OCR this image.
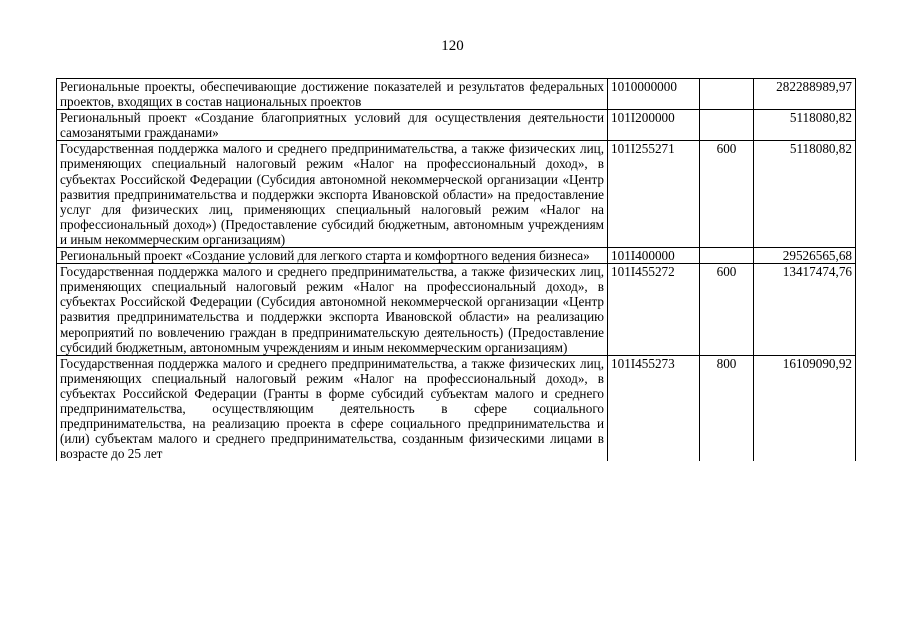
120
Региональные проекты, обеспечивающие достижение показателей и результатов федеральных проектов, входящих в состав национальных проектов	1010000000		282288989,97
Региональный проект «Создание благоприятных условий для осуществления деятельности самозанятыми гражданами»	101I200000		5118080,82
Государственная поддержка малого и среднего предпринимательства, а также физических лиц, применяющих специальный налоговый режим «Налог на профессиональный доход», в субъектах Российской Федерации (Субсидия автономной некоммерческой организации «Центр развития предпринимательства и поддержки экспорта Ивановской области» на предоставление услуг для физических лиц, применяющих специальный налоговый режим «Налог на профессиональный доход») (Предоставление субсидий бюджетным, автономным учреждениям и иным некоммерческим организациям)	101I255271	600	5118080,82
Региональный проект «Создание условий для легкого старта и комфортного ведения бизнеса»	101I400000		29526565,68
Государственная поддержка малого и среднего предпринимательства, а также физических лиц, применяющих специальный налоговый режим «Налог на профессиональный доход», в субъектах Российской Федерации (Субсидия автономной некоммерческой организации «Центр развития предпринимательства и поддержки экспорта Ивановской области» на реализацию мероприятий по вовлечению граждан в предпринимательскую деятельность) (Предоставление субсидий бюджетным, автономным учреждениям и иным некоммерческим организациям)	101I455272	600	13417474,76
Государственная поддержка малого и среднего предпринимательства, а также физических лиц, применяющих специальный налоговый режим «Налог на профессиональный доход», в субъектах Российской Федерации (Гранты в форме субсидий субъектам малого и среднего предпринимательства, осуществляющим деятельность в сфере социального предпринимательства, на реализацию проекта в сфере социального предпринимательства и (или) субъектам малого и среднего предпринимательства, созданным физическими лицами в возрасте до 25 лет	101I455273	800	16109090,92
